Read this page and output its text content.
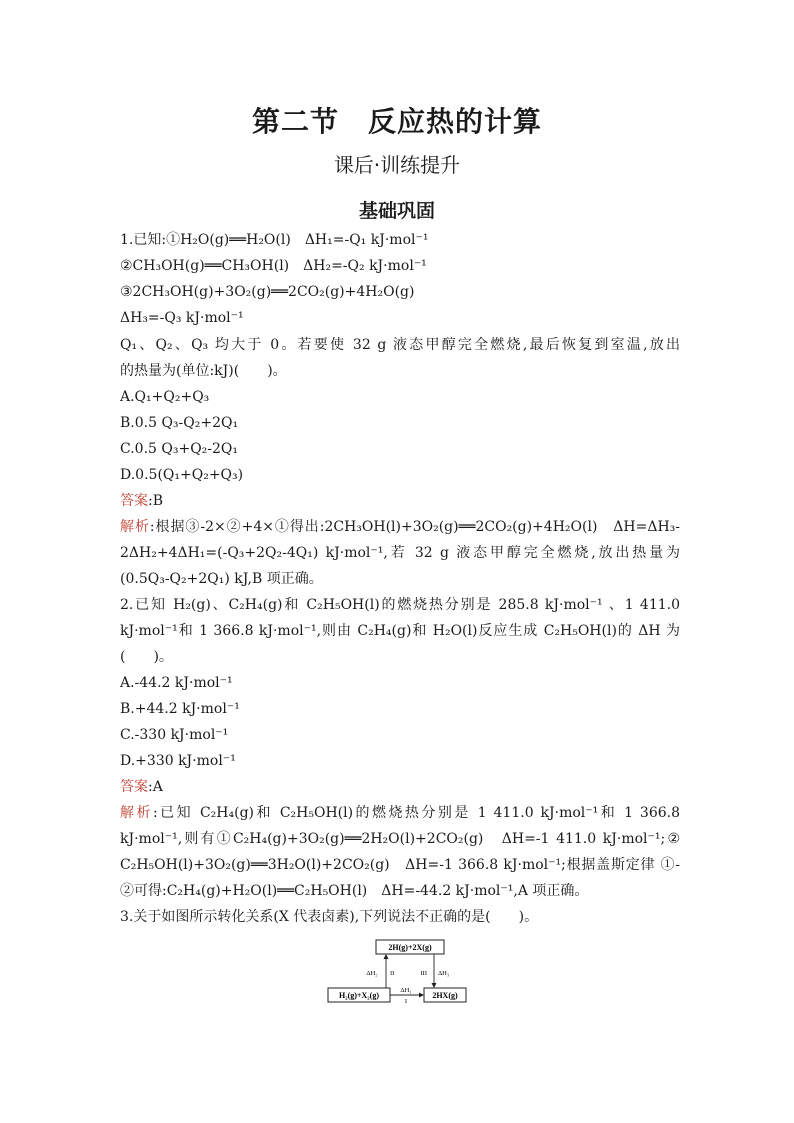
第二节　反应热的计算
课后·训练提升
基础巩固
1.已知:①H₂O(g)══H₂O(l)　ΔH₁=-Q₁ kJ·mol⁻¹
②CH₃OH(g)══CH₃OH(l)　ΔH₂=-Q₂ kJ·mol⁻¹
③2CH₃OH(g)+3O₂(g)══2CO₂(g)+4H₂O(g)
ΔH₃=-Q₃ kJ·mol⁻¹
Q₁、Q₂、Q₃ 均大于 0。若要使 32 g 液态甲醇完全燃烧,最后恢复到室温,放出
的热量为(单位:kJ)(　　)。
A.Q₁+Q₂+Q₃
B.0.5 Q₃-Q₂+2Q₁
C.0.5 Q₃+Q₂-2Q₁
D.0.5(Q₁+Q₂+Q₃)
答案:B
解析:根据③-2×②+4×①得出:2CH₃OH(l)+3O₂(g)══2CO₂(g)+4H₂O(l)　ΔH=ΔH₃-
2ΔH₂+4ΔH₁=(-Q₃+2Q₂-4Q₁) kJ·mol⁻¹,若 32 g 液态甲醇完全燃烧,放出热量为
(0.5Q₃-Q₂+2Q₁) kJ,B 项正确。
2.已知 H₂(g)、C₂H₄(g)和 C₂H₅OH(l)的燃烧热分别是 285.8 kJ·mol⁻¹ 、1 411.0
kJ·mol⁻¹和 1 366.8 kJ·mol⁻¹,则由 C₂H₄(g)和 H₂O(l)反应生成 C₂H₅OH(l)的 ΔH 为
(　　)。
A.-44.2 kJ·mol⁻¹
B.+44.2 kJ·mol⁻¹
C.-330 kJ·mol⁻¹
D.+330 kJ·mol⁻¹
答案:A
解析:已知 C₂H₄(g)和 C₂H₅OH(l)的燃烧热分别是 1 411.0 kJ·mol⁻¹和 1 366.8
kJ·mol⁻¹,则有①C₂H₄(g)+3O₂(g)══2H₂O(l)+2CO₂(g)　ΔH=-1 411.0 kJ·mol⁻¹;②
C₂H₅OH(l)+3O₂(g)══3H₂O(l)+2CO₂(g)　ΔH=-1 366.8 kJ·mol⁻¹;根据盖斯定律 ①-
②可得:C₂H₄(g)+H₂O(l)══C₂H₅OH(l)　ΔH=-44.2 kJ·mol⁻¹,A 项正确。
3.关于如图所示转化关系(X 代表卤素),下列说法不正确的是(　　)。
2H(g)+2X(g)
H₂(g)+X₂(g)	2HX(g)
ΔH₂ II	III ΔH₃
ΔH₁
I
